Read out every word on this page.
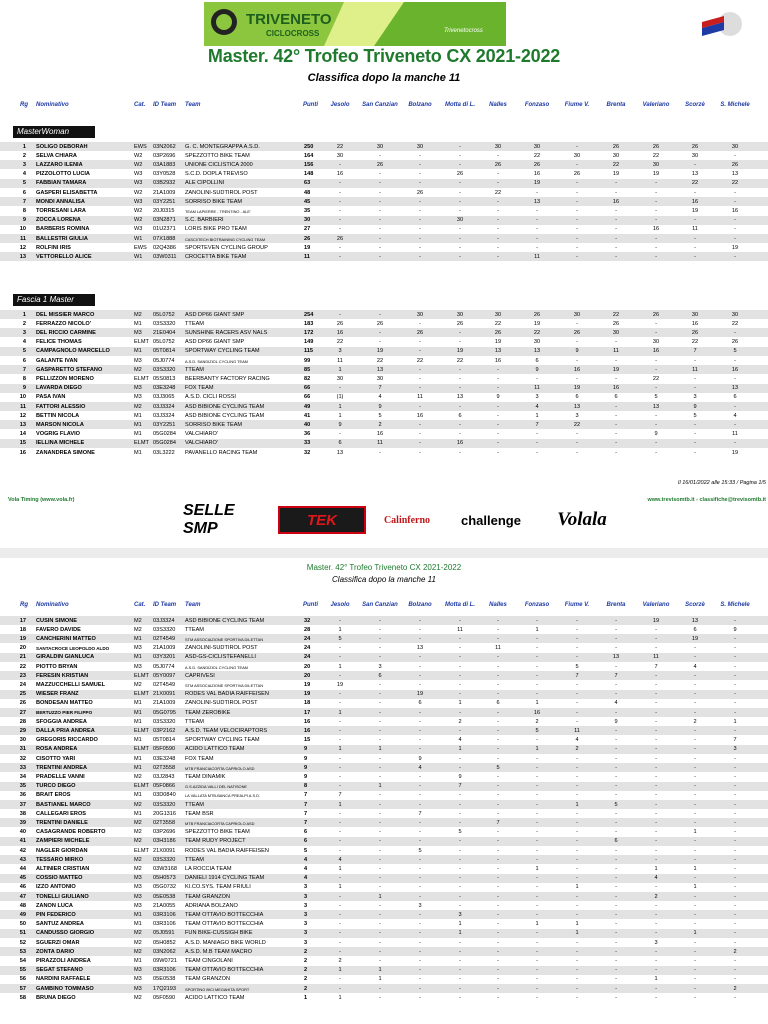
TRIVENETO
CICLOCROSS	Trivenetocross
Master. 42° Trofeo Triveneto CX 2021-2022
Classifica dopo la manche 11
Rg Nominativo	Cat. ID Team Team	Punti	Jesolo	San Canzian	Bolzano	Motta di L.	Nalles	Fonzaso	Fiume V.	Brenta	Valeriano	Scorzè	S. Michele
MasterWoman
Fascia 1 Master
Il 16/01/2022 alle 15:33 / Pagina 1/5
Vola Timing (www.vola.fr)	www.trevisomtb.it - classifiche@trevisomtb.it
SELLE SMP	TEK	Calinferno	challenge	Volala
1 SOLIGO DEBORAH	EWS	03N2062	G. C. MONTEGRAPPA A.S.D.	250	22	30	30	-	30	30	-	26	26	26	30
2 SELVA CHIARA	W2	03P2696	SPEZZOTTO BIKE TEAM	164	30	-	-	-	-	22	30	30	22	30	-
3 LAZZARO ILENIA	W2	03A1883	UNIONE CICLISTICA 2000	156	-	26	-	-	26	26	-	22	30	-	26
4 PIZZOLOTTO LUCIA	W3	03Y0528	S.C.D. DOPLA TREVISO	148	16	-	-	26	-	16	26	19	19	13	13
5 FABBIAN TAMARA	W3	03B2932	ALE CIPOLLINI	63	-	-	-	-	-	19	-	-	-	22	22
6 GASPERI ELISABETTA	W2	21A1009	ZANOLINI-SÜDTIROL POST	48	-	-	26	-	22	-	-	-	-	-	-
7 MONDI ANNALISA	W3	03Y2251	SORRISO BIKE TEAM	45	-	-	-	-	-	13	-	16	-	16	-
8 TORRESANI LARA	W2	20J0315	TEAM LAPIERRE - TRENTINO - ALE'	35	-	-	-	-	-	-	-	-	-	19	16
9 ZOCCA LORENA	W2	03N2871	S.C. BARBIERI	30	-	-	-	30	-	-	-	-	-	-	-
10 BARBERIS ROMINA	W3	01U2371	LORIS BIKE PRO TEAM	27	-	-	-	-	-	-	-	-	16	11	-
11 BALLESTRI GIULIA	W1	07X1888	CASCI/TECH BIOTRAINING CYCLING TEAM	26	26	-	-	-	-	-	-	-	-	-	-
12 ROLFINI IRIS	EWS	02Q4386	SPORTEVEN CYCLING GROUP	19	-	-	-	-	-	-	-	-	-	-	19
13 VETTORELLO ALICE	W1	03W0311	CROCETTA BIKE TEAM	11	-	-	-	-	-	11	-	-	-	-	-
1 DEL MISSIER MARCO	M2	05L0752	ASD DP66 GIANT SMP	254	-	-	30	30	30	26	30	22	26	30	30
2 FERRAZZO NICOLO'	M1	03S3320	TTEAM	183	26	26	-	26	22	19	-	26	-	16	22
3 DEL RICCIO CARMINE	M3	21E0404	SUNSHINE RACERS ASV NALS	172	16	-	26	-	26	22	26	30	-	26	-
4 FELICE THOMAS	ELMT 05L0752	ASD DP66 GIANT SMP	149	22	-	-	-	19	30	-	-	30	22	26
5 CAMPAGNOLO MARCELLO	M1	05T0814	SPORTWAY CYCLING TEAM	115	3	19	-	19	13	13	9	11	16	7	5
6 GALANTE IVAN	M3	05J0774	A.S.D. SANDIZIOL CYCLING TEAM	99	11	22	22	22	16	6	-	-	-	-	-
7 GASPARETTO STEFANO	M2	03S3320	TTEAM	85	1	13	-	-	-	9	16	19	-	11	16
8 PELLIZZON MORENO	ELMT 05S0813	BEERBANTY FACTORY RACING	82	30	30	-	-	-	-	-	-	22	-	-
9 LAVARDA DIEGO	M3	03E3248	FOX TEAM	66	-	7	-	-	-	11	19	16	-	-	13
10 PASA IVAN	M3	03J3065	A.S.D. CICLI ROSSI	66	(1)	4	11	13	9	3	6	6	5	3	6
11 FATTORI ALESSIO	M2	03J3324	ASD BIBIONE CYCLING TEAM	49	1	9	-	-	-	4	13	-	13	9	-
12 BETTIN NICOLA	M1	03J3324	ASD BIBIONE CYCLING TEAM	41	1	5	16	6	-	1	3	-	-	5	4
13 MARSON NICOLA	M1	03Y2251	SORRISO BIKE TEAM	40	9	2	-	-	-	7	22	-	-	-	-
14 VOGRIG FLAVIO	M1	05G0284	VALCHIARO'	36	-	16	-	-	-	-	-	-	9	-	11
15 IELLINA MICHELE	ELMT 05G0284	VALCHIARO'	33	6	11	-	16	-	-	-	-	-	-	-
16 ZANANDREA SIMONE	M1	03L3222	PAVANELLO RACING TEAM	32	13	-	-	-	-	-	-	-	-	-	19
Master. 42° Trofeo Triveneto CX 2021-2022
Classifica dopo la manche 11
Rg Nominativo	Cat. ID Team Team	Punti	Jesolo	San Canzian	Bolzano	Motta di L.	Nalles	Fonzaso	Fiume V.	Brenta	Valeriano	Scorzè	S. Michele
17 CUSIN SIMONE	M2	03J3324	ASD BIBIONE CYCLING TEAM	32	-	-	-	-	-	-	-	-	19	13	-
18 FAVERO DAVIDE	M2	03S3320	TTEAM	28	1	-	-	11	-	1	-	-	-	6	9
19 CANCHERINI MATTEO	M1	02T4549	STM ASSOCIAZIONE SPORTIVA DILETTAN	24	5	-	-	-	-	-	-	-	-	19	-
20 SANTACROCE LEOPOLDO ALDO	M3	21A1009	ZANOLINI-SÜDTIROL POST	24	-	-	13	-	11	-	-	-	-	-	-
21 GIRALDIN GIANLUCA	M1	03Y3201	ASD-GS-CICLISTEFANELLI	24	-	-	-	-	-	-	-	13	11	-	-
22 PIOTTO BRYAN	M3	05J0774	A.S.D. SANDIZIOL CYCLING TEAM	20	1	3	-	-	-	-	5	-	7	4	-
23 FERESIN KRISTIAN	ELMT 05Y0097	CAPRIVESI	20	-	6	-	-	-	-	7	7	-	-	-
24 MAZZUCCHELLI SAMUEL	M2	02T4549	STM ASSOCIAZIONE SPORTIVA DILETTAN	19	19	-	-	-	-	-	-	-	-	-	-
25 WIESER FRANZ	ELMT 21X0091	RODES VAL BADIA RAIFFEISEN	19	-	-	19	-	-	-	-	-	-	-	-
26 BONDESAN MATTEO	M1	21A1009	ZANOLINI-SÜDTIROL POST	18	-	-	6	1	6	1	-	4	-	-	-
27 BERTUZZO PIER FILIPPO	M1	05G0795	TEAM ZEROBIKE	17	1	-	-	-	-	16	-	-	-	-	-
28 SFOGGIA ANDREA	M1	03S3320	TTEAM	16	-	-	-	2	-	2	-	9	-	2	1
29 DALLA PRIA ANDREA	ELMT 03P2162	A.S.D. TEAM VELOCIRAPTORS	16	-	-	-	-	-	5	11	-	-	-	-
30 GREGORIS RICCARDO	M1	05T0814	SPORTWAY CYCLING TEAM	15	-	-	-	4	-	-	4	-	-	-	7
31 ROSA ANDREA	ELMT 05F0590	ACIDO LATTICO TEAM	9	1	1	-	1	-	1	2	-	-	-	3
32 CISOTTO YARI	M1	03E3248	FOX TEAM	9	-	-	9	-	-	-	-	-	-	-	-
33 TRENTINI ANDREA	M1	02T3558	MTB FRANCIACORTA CAPRIOLO ASD	9	-	-	4	-	5	-	-	-	-	-	-
34 PRADELLE VANNI	M2	03J2843	TEAM DINAMIK	9	-	-	-	9	-	-	-	-	-	-	-
35 TURCO DIEGO	ELMT 05F0866	G.S.AZZIDA VALLI DEL NATISONE	8	-	1	-	7	-	-	-	-	-	-	-
36 BRAIT EROS	M1	03D0840	LA VALLATA MTB-BANCA PREALPI A.S.D.	7	7	-	-	-	-	-	-	-	-	-	-
37 BASTIANEL MARCO	M2	03S3320	TTEAM	7	1	-	-	-	-	-	1	5	-	-	-
38 CALLEGARI EROS	M1	20G1316	TEAM BSR	7	-	-	7	-	-	-	-	-	-	-	-
39 TRENTINI DANIELE	M2	02T3558	MTB FRANCIACORTA CAPRIOLO ASD	7	-	-	-	-	7	-	-	-	-	-	-
40 CASAGRANDE ROBERTO	M2	03P2696	SPEZZOTTO BIKE TEAM	6	-	-	-	5	-	-	-	-	-	1	-
41 ZAMPIERI MICHELE	M2	03H3186	TEAM RUDY PROJECT	6	-	-	-	-	-	-	-	6	-	-	-
42 NAGLER GIORDAN	ELMT 21X0091	RODES VAL BADIA RAIFFEISEN	5	-	-	5	-	-	-	-	-	-	-	-
43 TESSARO MIRKO	M2	03S3320	TTEAM	4	4	-	-	-	-	-	-	-	-	-	-
44 ALTINIER CRISTIAN	M2	03W3168	LA ROCCIA TEAM	4	1	-	-	-	-	1	-	-	1	1	-
45 COSSIO MATTEO	M3	05H0573	DANIELI 1914 CYCLING TEAM	4	-	-	-	-	-	-	-	-	4	-	-
46 IZZO ANTONIO	M3	05G0732	KI.CO.SYS. TEAM FRIULI	3	1	-	-	-	-	-	1	-	-	1	-
47 TONELLI GIULIANO	M3	05E0538	TEAM GRANZON	3	-	1	-	-	-	-	-	-	2	-	-
48 ZANON LUCA	M3	21A0055	ADRIANA BOLZANO	3	-	-	3	-	-	-	-	-	-	-	-
49 PIN FEDERICO	M1	03R3106	TEAM OTTAVIO BOTTECCHIA	3	-	-	-	3	-	-	-	-	-	-	-
50 SANTUZ ANDREA	M1	03R3106	TEAM OTTAVIO BOTTECCHIA	3	-	-	-	1	-	1	1	-	-	-	-
51 CANDUSSO GIORGIO	M2	05J0591	FUN BIKE-CUSSIGH BIKE	3	-	-	-	1	-	-	1	-	-	1	-
52 SGUERZI OMAR	M2	05H0852	A.S.D. MANIAGO BIKE WORLD	3	-	-	-	-	-	-	-	-	3	-	-
53 ZONTA DARIO	M2	03N2062	A.S.D. M.B TEAM MACRO	2	-	-	-	-	-	-	-	-	-	-	2
54 PIRAZZOLI ANDREA	M1	09W0721	TEAM CINGOLANI	2	2	-	-	-	-	-	-	-	-	-	-
55 SEGAT STEFANO	M3	03R3106	TEAM OTTAVIO BOTTECCHIA	2	1	1	-	-	-	-	-	-	-	-	-
56 NARDINI RAFFAELE	M3	05E0538	TEAM GRANZON	2	-	1	-	-	-	-	-	-	1	-	-
57 GAMBINO TOMMASO	M3	17Q2193	SPORTING BICI MEGAHITA SPORT	2	-	-	-	-	-	-	-	-	-	-	2
58 BRUNA DIEGO	M2	05F0590	ACIDO LATTICO TEAM	1	1	-	-	-	-	-	-	-	-	-	-
